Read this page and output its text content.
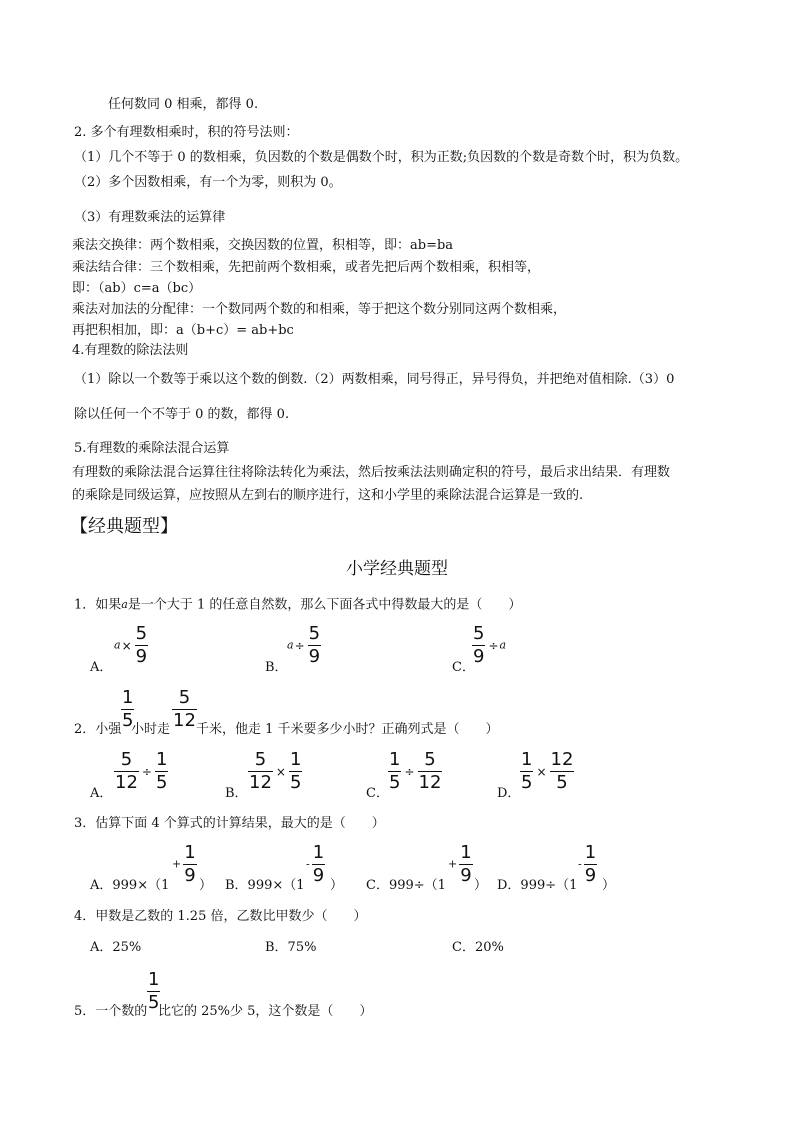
任何数同 0 相乘，都得 0.
2. 多个有理数相乘时，积的符号法则：
（1）几个不等于 0 的数相乘，负因数的个数是偶数个时，积为正数;负因数的个数是奇数个时，积为负数。
（2）多个因数相乘，有一个为零，则积为 0。
（3）有理数乘法的运算律
乘法交换律：两个数相乘，交换因数的位置，积相等，即：ab=ba
乘法结合律：三个数相乘，先把前两个数相乘，或者先把后两个数相乘，积相等，
即：（ab）c=a（bc）
乘法对加法的分配律：一个数同两个数的和相乘，等于把这个数分别同这两个数相乘，
再把积相加，即：a（b+c）= ab+bc
4.有理数的除法法则
（1）除以一个数等于乘以这个数的倒数.（2）两数相乘，同号得正，异号得负，并把绝对值相除.（3）0
除以任何一个不等于 0 的数，都得 0.
5.有理数的乘除法混合运算
有理数的乘除法混合运算往往将除法转化为乘法，然后按乘法法则确定积的符号，最后求出结果．有理数
的乘除是同级运算，应按照从左到右的顺序进行，这和小学里的乘除法混合运算是一致的.
【经典题型】
小学经典题型
1．如果a是一个大于 1 的任意自然数，那么下面各式中得数最大的是（　　）
A．
$a\times \frac{5}{9}$
B．
$a\div \frac{5}{9}$
C．
$\frac{5}{9} \div a$
2．小强 $\frac{1}{5}$
小时走 $\frac{5}{12}$ 千米，他走 1 千米要多少小时？正确列式是（　　）
A．
$\frac{5}{12} \div \frac{1}{5}$
B．
$\frac{5}{12} \times \frac{1}{5}$
C．
$\frac{1}{5} \div \frac{5}{12}$
D．
$\frac{1}{5} \times \frac{12}{5}$
3．估算下面 4 个算式的计算结果，最大的是（　　）
A．999×（1
+ $\frac{1}{9}$ ） B．999×（1
- $\frac{1}{9}$ ） C．999÷（1
+ $\frac{1}{9}$ ） D．999÷（1
- $\frac{1}{9}$ ）
4．甲数是乙数的 1.25 倍，乙数比甲数少（　　）
A．25%	B．75%	C．20%
5．一个数的 $\frac{1}{5}$
比它的 25%少 5，这个数是（　　）
